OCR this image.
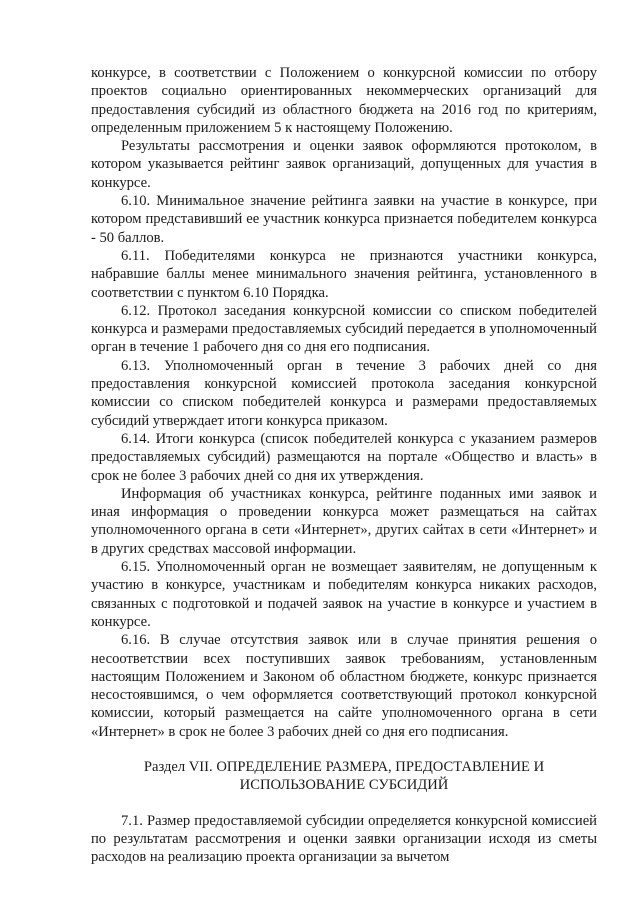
конкурсе, в соответствии с Положением о конкурсной комиссии по отбору проектов социально ориентированных некоммерческих организаций для предоставления субсидий из областного бюджета на 2016 год по критериям, определенным приложением 5 к настоящему Положению.

Результаты рассмотрения и оценки заявок оформляются протоколом, в котором указывается рейтинг заявок организаций, допущенных для участия в конкурсе.

6.10. Минимальное значение рейтинга заявки на участие в конкурсе, при котором представивший ее участник конкурса признается победителем конкурса - 50 баллов.

6.11. Победителями конкурса не признаются участники конкурса, набравшие баллы менее минимального значения рейтинга, установленного в соответствии с пунктом 6.10 Порядка.

6.12. Протокол заседания конкурсной комиссии со списком победителей конкурса и размерами предоставляемых субсидий передается в уполномоченный орган в течение 1 рабочего дня со дня его подписания.

6.13. Уполномоченный орган в течение 3 рабочих дней со дня предоставления конкурсной комиссией протокола заседания конкурсной комиссии со списком победителей конкурса и размерами предоставляемых субсидий утверждает итоги конкурса приказом.

6.14. Итоги конкурса (список победителей конкурса с указанием размеров предоставляемых субсидий) размещаются на портале «Общество и власть» в срок не более 3 рабочих дней со дня их утверждения.

Информация об участниках конкурса, рейтинге поданных ими заявок и иная информация о проведении конкурса может размещаться на сайтах уполномоченного органа в сети «Интернет», других сайтах в сети «Интернет» и в других средствах массовой информации.

6.15. Уполномоченный орган не возмещает заявителям, не допущенным к участию в конкурсе, участникам и победителям конкурса никаких расходов, связанных с подготовкой и подачей заявок на участие в конкурсе и участием в конкурсе.

6.16. В случае отсутствия заявок или в случае принятия решения о несоответствии всех поступивших заявок требованиям, установленным настоящим Положением и Законом об областном бюджете, конкурс признается несостоявшимся, о чем оформляется соответствующий протокол конкурсной комиссии, который размещается на сайте уполномоченного органа в сети «Интернет» в срок не более 3 рабочих дней со дня его подписания.

Раздел VII. ОПРЕДЕЛЕНИЕ РАЗМЕРА, ПРЕДОСТАВЛЕНИЕ И
ИСПОЛЬЗОВАНИЕ СУБСИДИЙ

7.1. Размер предоставляемой субсидии определяется конкурсной комиссией по результатам рассмотрения и оценки заявки организации исходя из сметы расходов на реализацию проекта организации за вычетом
